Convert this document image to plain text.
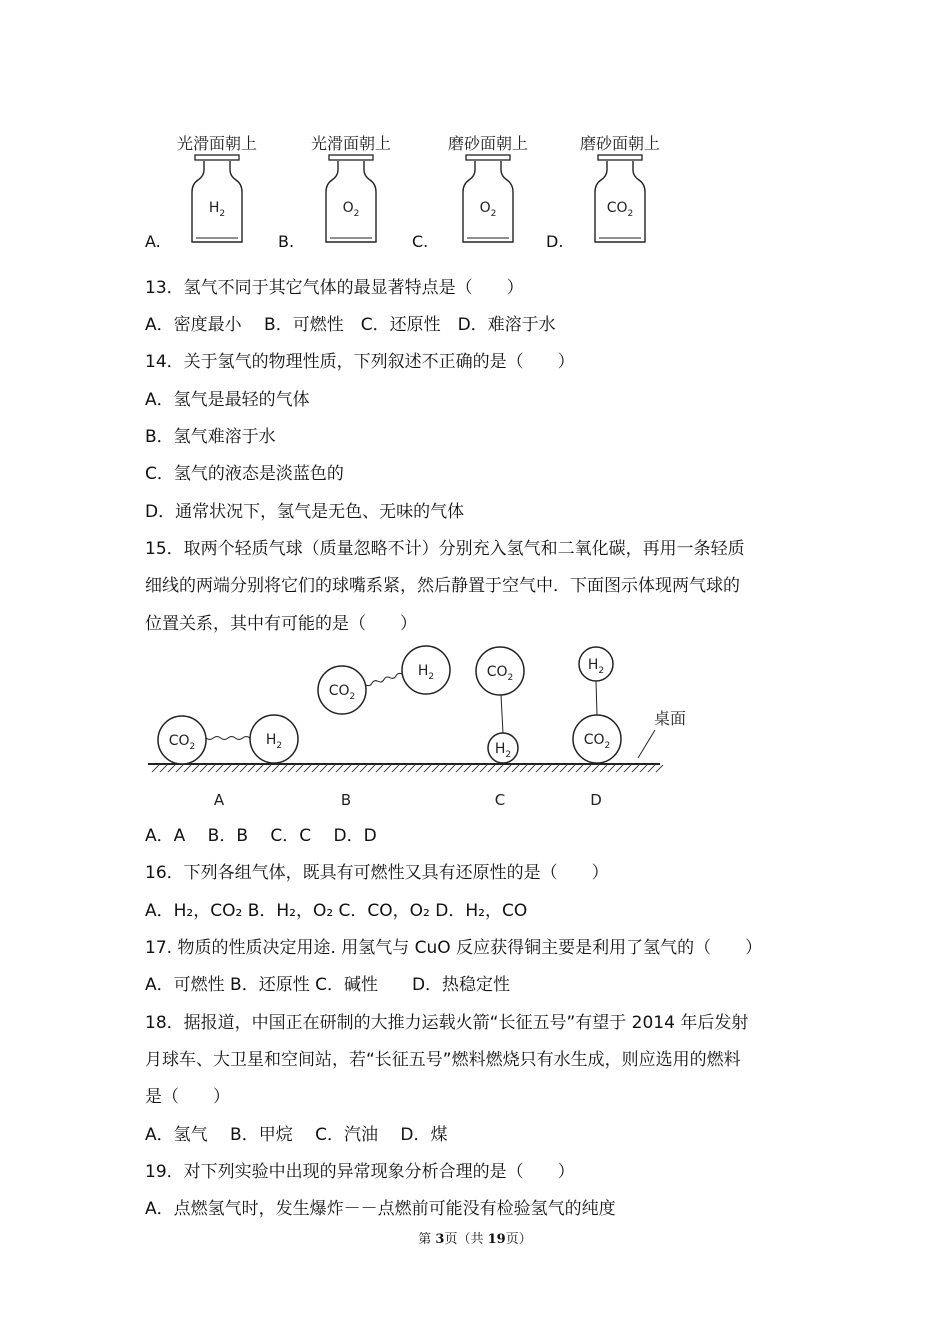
光滑面朝上
$H_2$
光滑面朝上
$O_2$
磨砂面朝上
$O_2$
磨砂面朝上
$CO_2$
A.	B.	C.	D.
13．氢气不同于其它气体的最显著特点是（　　）
A．密度最小　 B．可燃性　C．还原性　D．难溶于水
14．关于氢气的物理性质，下列叙述不正确的是（　　）
A．氢气是最轻的气体
B．氢气难溶于水
C．氢气的液态是淡蓝色的
D．通常状况下，氢气是无色、无味的气体
15．取两个轻质气球（质量忽略不计）分别充入氢气和二氧化碳，再用一条轻质
细线的两端分别将它们的球嘴系紧，然后静置于空气中．下面图示体现两气球的
位置关系，其中有可能的是（　　）
桌面
$CO_2$	$H_2$
$CO_2$
$H_2$	$CO_2$
$H_2$
$H_2$
$CO_2$
A	B	C	D
A．A　 B．B　 C．C　 D．D
16．下列各组气体，既具有可燃性又具有还原性的是（　　）
A．H₂，CO₂ B．H₂，O₂ C．CO，O₂ D．H₂，CO
17. 物质的性质决定用途. 用氢气与 CuO 反应获得铜主要是利用了氢气的（　　）
A．可燃性 B．还原性 C．碱性　　D．热稳定性
18．据报道，中国正在研制的大推力运载火箭“长征五号”有望于 2014 年后发射
月球车、大卫星和空间站，若“长征五号”燃料燃烧只有水生成，则应选用的燃料
是（　　）
A．氢气　 B．甲烷　 C．汽油　 D．煤
19．对下列实验中出现的异常现象分析合理的是（　　）
A．点燃氢气时，发生爆炸－－点燃前可能没有检验氢气的纯度
第 3页（共 19页）
